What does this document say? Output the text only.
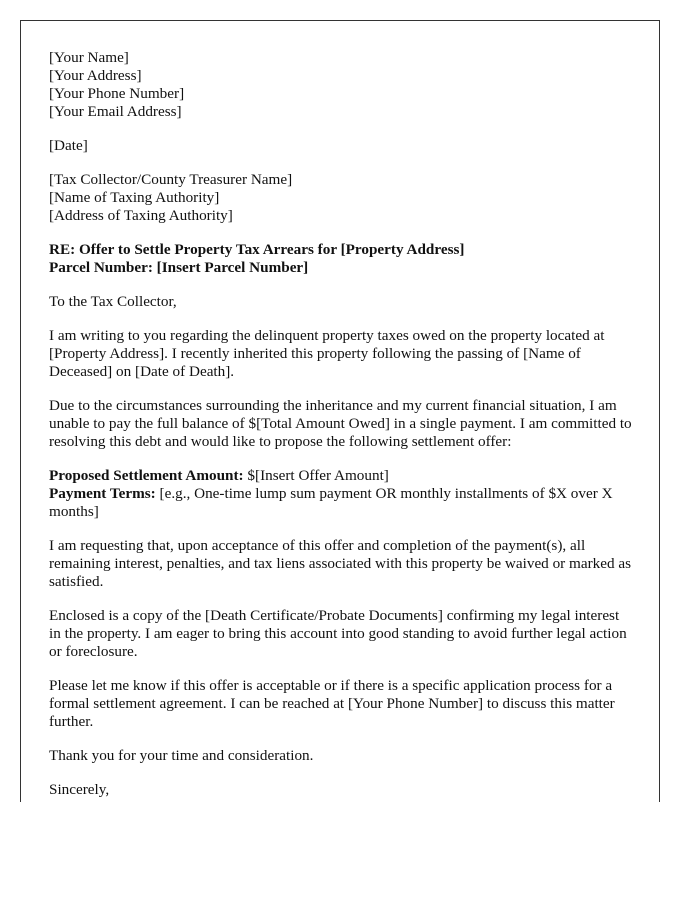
[Your Name]
[Your Address]
[Your Phone Number]
[Your Email Address]
[Date]
[Tax Collector/County Treasurer Name]
[Name of Taxing Authority]
[Address of Taxing Authority]
RE: Offer to Settle Property Tax Arrears for [Property Address]
Parcel Number: [Insert Parcel Number]

To the Tax Collector,

I am writing to you regarding the delinquent property taxes owed on the property located at [Property Address]. I recently inherited this property following the passing of [Name of Deceased] on [Date of Death].

Due to the circumstances surrounding the inheritance and my current financial situation, I am unable to pay the full balance of $[Total Amount Owed] in a single payment. I am committed to resolving this debt and would like to propose the following settlement offer:

Proposed Settlement Amount: $[Insert Offer Amount]
Payment Terms: [e.g., One-time lump sum payment OR monthly installments of $X over X months]

I am requesting that, upon acceptance of this offer and completion of the payment(s), all remaining interest, penalties, and tax liens associated with this property be waived or marked as satisfied.

Enclosed is a copy of the [Death Certificate/Probate Documents] confirming my legal interest in the property. I am eager to bring this account into good standing to avoid further legal action or foreclosure.

Please let me know if this offer is acceptable or if there is a specific application process for a formal settlement agreement. I can be reached at [Your Phone Number] to discuss this matter further.

Thank you for your time and consideration.

Sincerely,
